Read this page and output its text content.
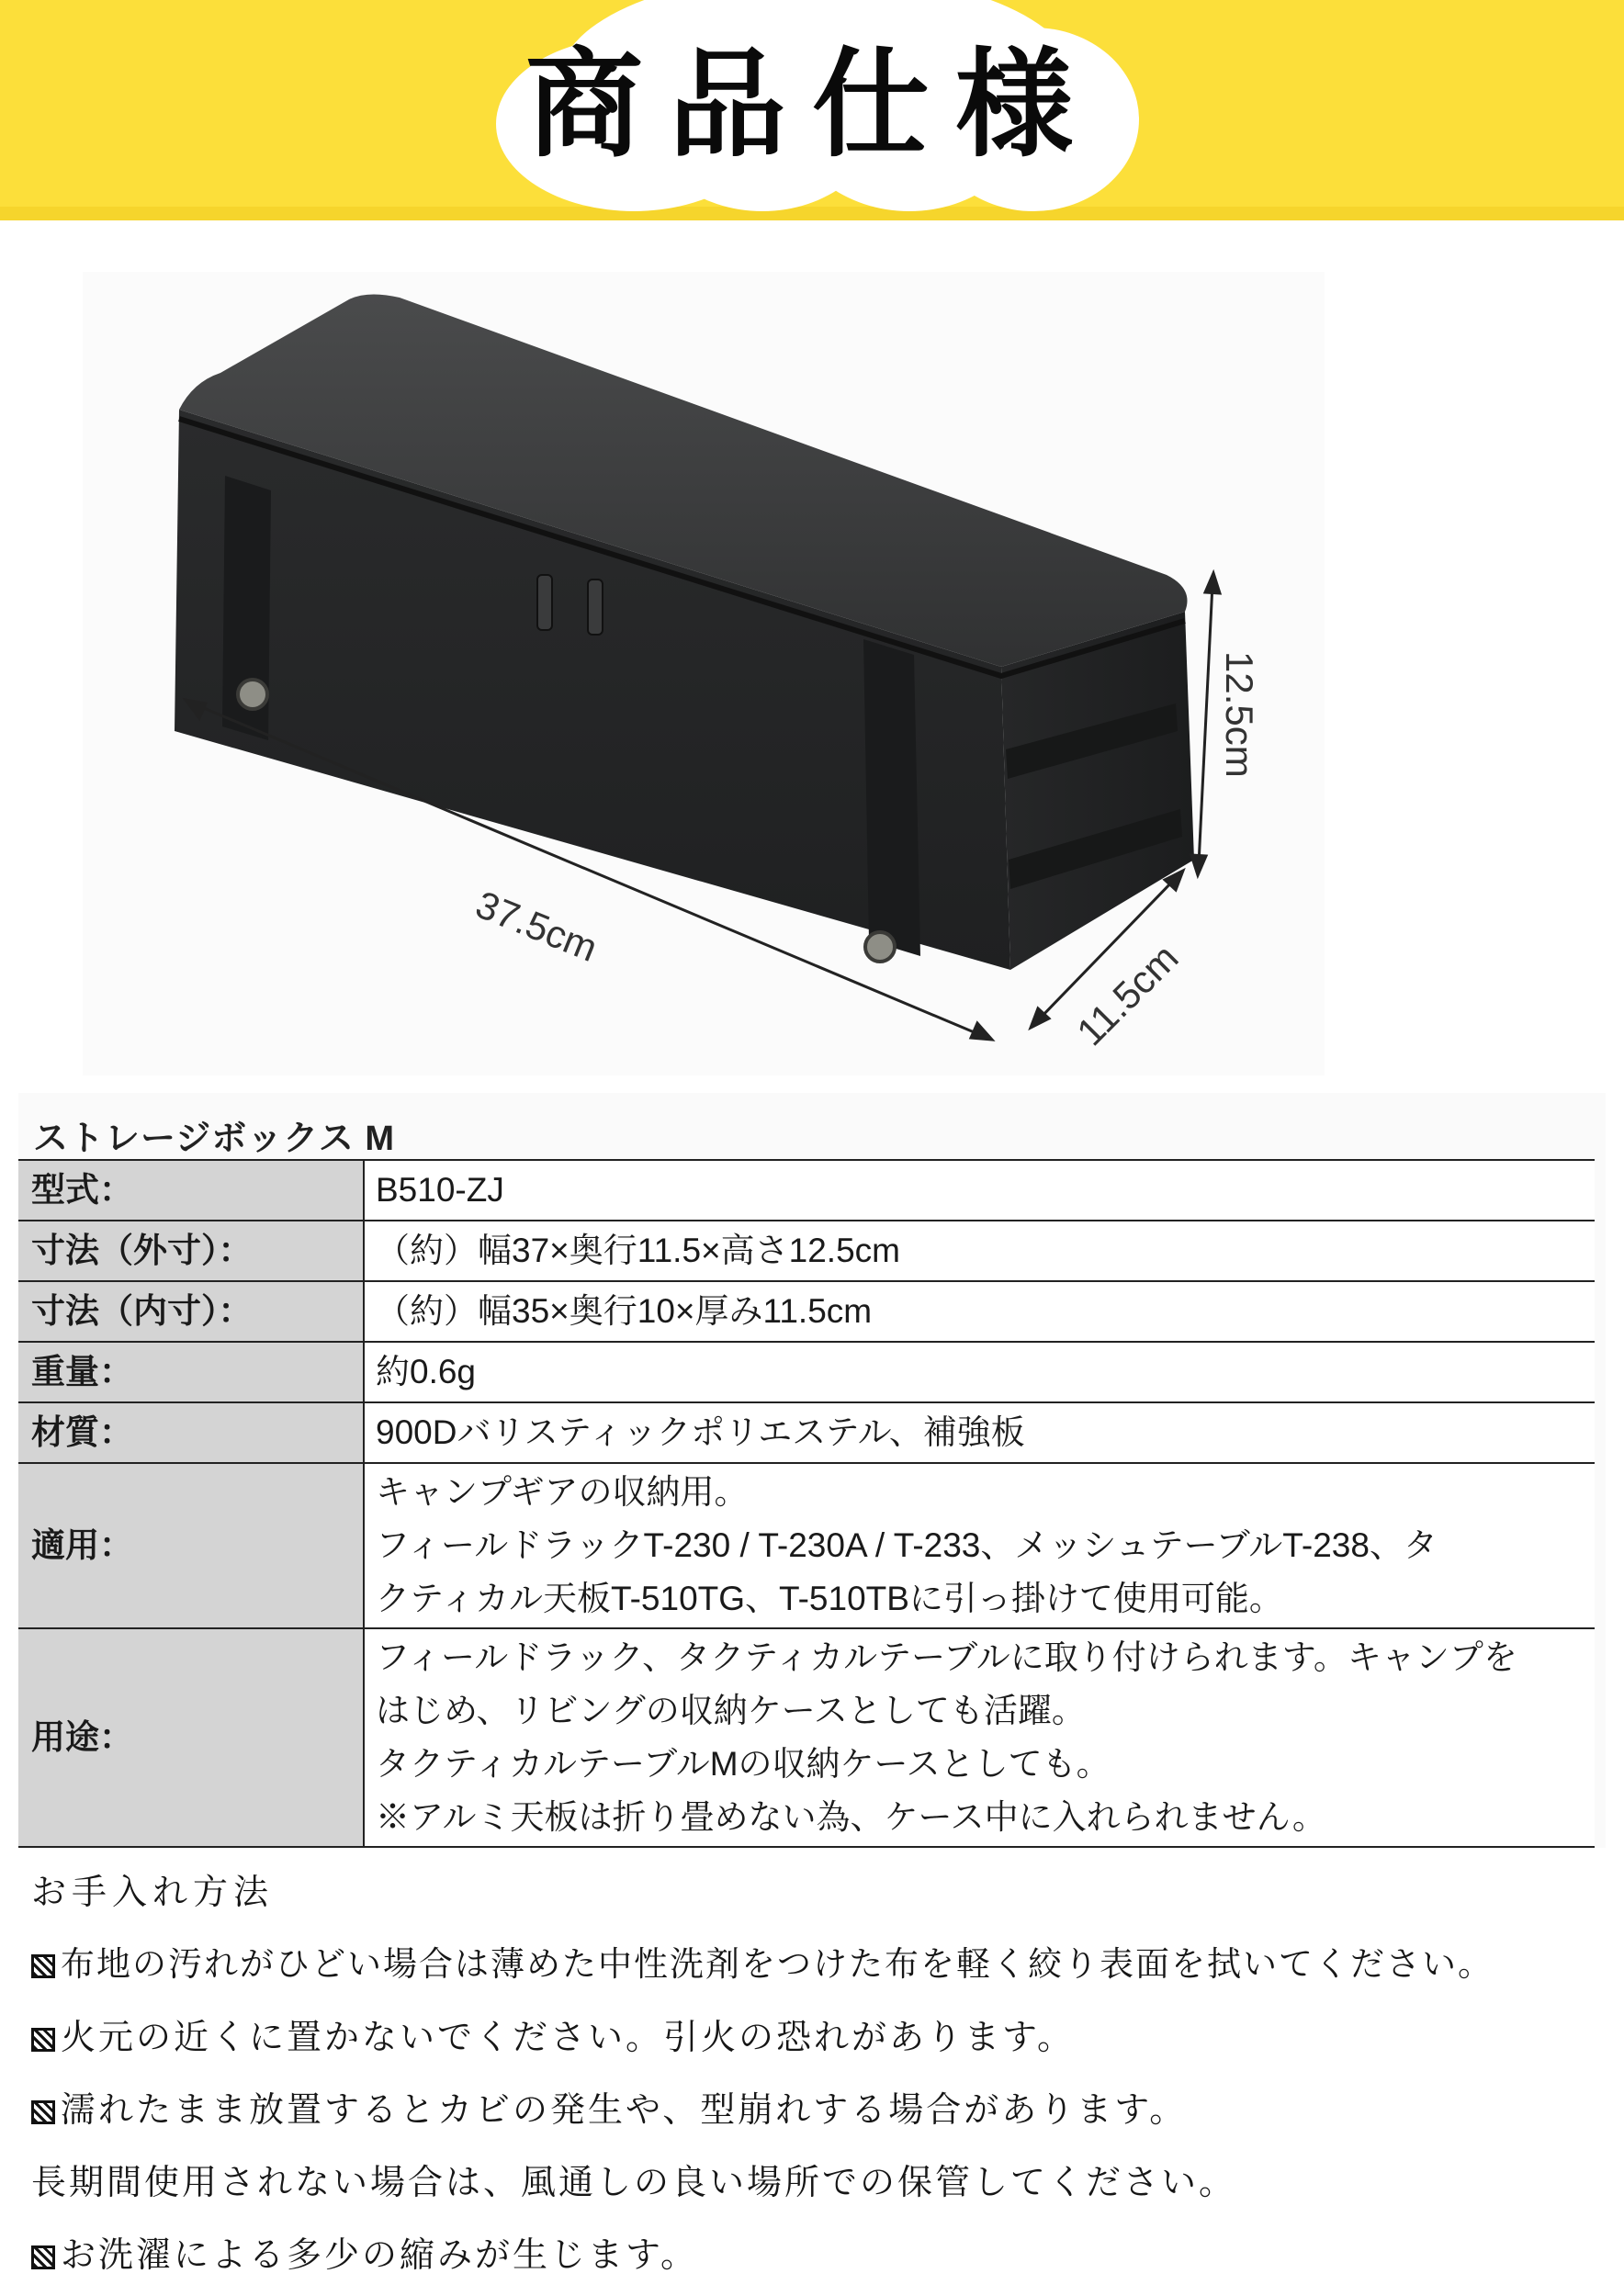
商品仕様
37.5cm
12.5cm
11.5cm
ストレージボックス M
型式：	B510-ZJ

寸法（外寸）：	（約）幅37×奥行11.5×高さ12.5cm

寸法（内寸）：	（約）幅35×奥行10×厚み11.5cm

重量：	約0.6g

材質：	900Dバリスティックポリエステル、補強板

適用：	キャンプギアの収納用。
フィールドラックT-230 / T-230A / T-233、メッシュテーブルT-238、タ
クティカル天板T-510TG、T-510TBに引っ掛けて使用可能。

用途：	フィールドラック、タクティカルテーブルに取り付けられます。キャンプを
はじめ、リビングの収納ケースとしても活躍。
タクティカルテーブルMの収納ケースとしても。
※アルミ天板は折り畳めない為、ケース中に入れられません。
お手入れ方法
布地の汚れがひどい場合は薄めた中性洗剤をつけた布を軽く絞り表面を拭いてください。
火元の近くに置かないでください。引火の恐れがあります。
濡れたまま放置するとカビの発生や、型崩れする場合があります。
長期間使用されない場合は、風通しの良い場所での保管してください。
お洗濯による多少の縮みが生じます。
